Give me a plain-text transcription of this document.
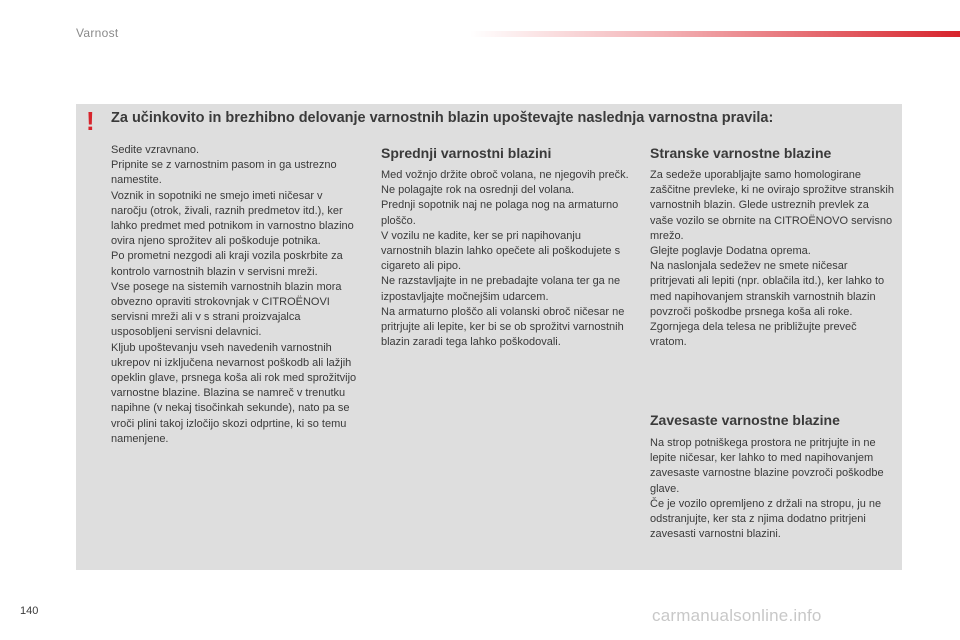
Varnost
! Za učinkovito in brezhibno delovanje varnostnih blazin upoštevajte naslednja varnostna pravila:

Sedite vzravnano.

Pripnite se z varnostnim pasom in ga ustrezno namestite.

Voznik in sopotniki ne smejo imeti ničesar v naročju (otrok, živali, raznih predmetov itd.), ker lahko predmet med potnikom in varnostno blazino ovira njeno sprožitev ali poškoduje potnika.

Po prometni nezgodi ali kraji vozila poskrbite za kontrolo varnostnih blazin v servisni mreži.

Vse posege na sistemih varnostnih blazin mora obvezno opraviti strokovnjak v CITROËNOVI servisni mreži ali v s strani proizvajalca usposobljeni servisni delavnici.

Kljub upoštevanju vseh navedenih varnostnih ukrepov ni izključena nevarnost poškodb ali lažjih opeklin glave, prsnega koša ali rok med sprožitvijo varnostne blazine. Blazina se namreč v trenutku napihne (v nekaj tisočinkah sekunde), nato pa se vroči plini takoj izločijo skozi odprtine, ki so temu namenjene.

Sprednji varnostni blazini

Med vožnjo držite obroč volana, ne njegovih prečk. Ne polagajte rok na osrednji del volana.

Prednji sopotnik naj ne polaga nog na armaturno ploščo.

V vozilu ne kadite, ker se pri napihovanju varnostnih blazin lahko opečete ali poškodujete s cigareto ali pipo.

Ne razstavljajte in ne prebadajte volana ter ga ne izpostavljajte močnejšim udarcem.

Na armaturno ploščo ali volanski obroč ničesar ne pritrjujte ali lepite, ker bi se ob sprožitvi varnostnih blazin zaradi tega lahko poškodovali.

Stranske varnostne blazine

Za sedeže uporabljajte samo homologirane zaščitne prevleke, ki ne ovirajo sprožitve stranskih varnostnih blazin. Glede ustreznih prevlek za vaše vozilo se obrnite na CITROËNOVO servisno mrežo.

Glejte poglavje Dodatna oprema.

Na naslonjala sedežev ne smete ničesar pritrjevati ali lepiti (npr. oblačila itd.), ker lahko to med napihovanjem stranskih varnostnih blazin povzroči poškodbe prsnega koša ali roke.

Zgornjega dela telesa ne približujte preveč vratom.

Zavesaste varnostne blazine

Na strop potniškega prostora ne pritrjujte in ne lepite ničesar, ker lahko to med napihovanjem zavesaste varnostne blazine povzroči poškodbe glave.

Če je vozilo opremljeno z držali na stropu, ju ne odstranjujte, ker sta z njima dodatno pritrjeni zavesasti varnostni blazini.

140	carmanualsonline.info
